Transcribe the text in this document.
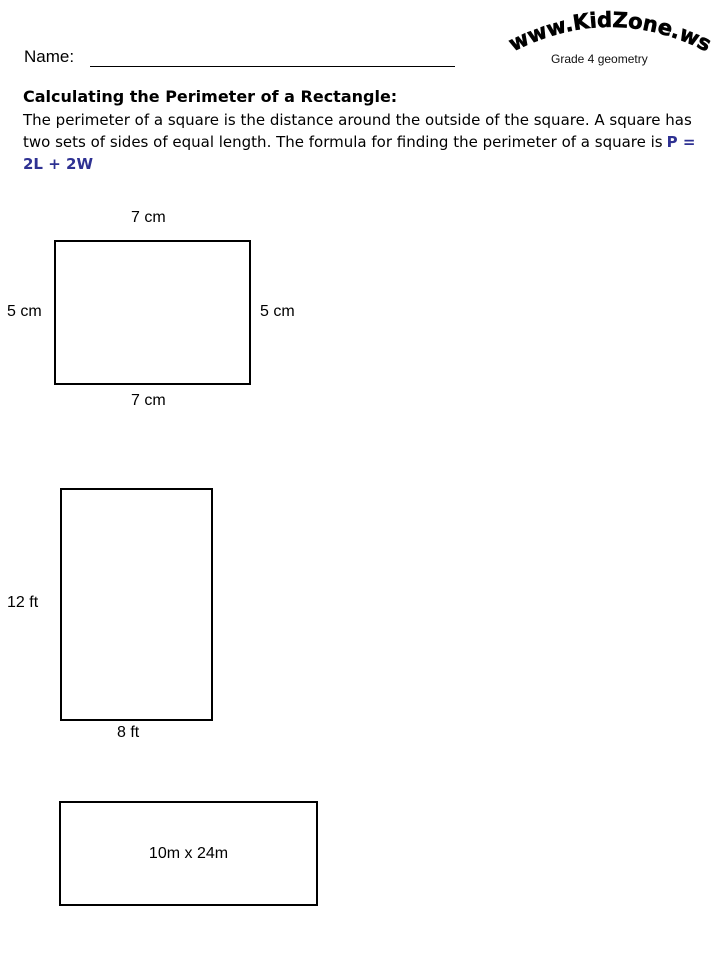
Name:
www.KidZone.ws
Grade 4 geometry
Calculating the Perimeter of a Rectangle:
The perimeter of a square is the distance around the outside of the square. A square has two sets of sides of equal length. The formula for finding the perimeter of a square is P = 2L + 2W
7 cm
5 cm	5 cm
7 cm
12 ft
8 ft
10m x 24m
